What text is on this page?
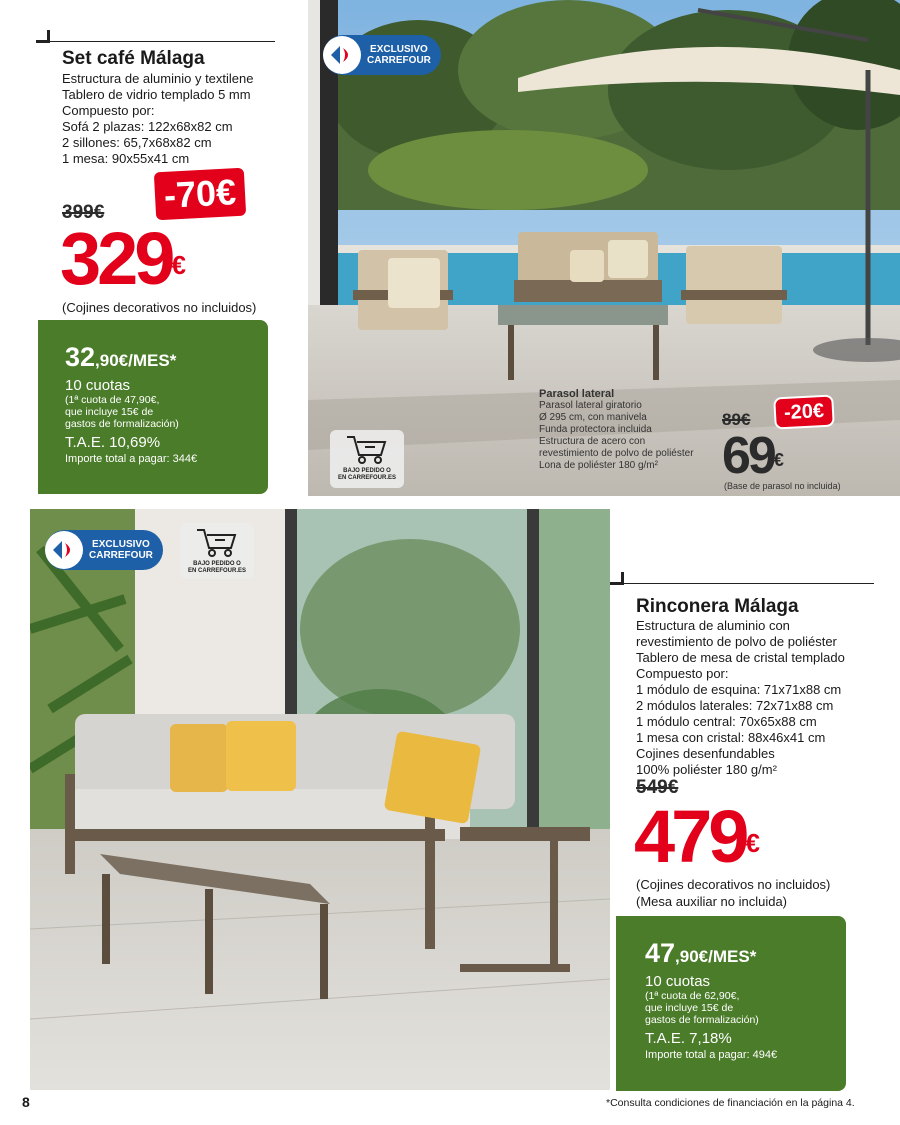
EXCLUSIVO
CARREFOUR
BAJO PEDIDO O
EN CARREFOUR.ES
Set café Málaga
Estructura de aluminio y textilene
Tablero de vidrio templado 5 mm
Compuesto por:
Sofá 2 plazas: 122x68x82 cm
2 sillones: 65,7x68x82 cm
1 mesa: 90x55x41 cm
399€ -70€
329€
(Cojines decorativos no incluidos)
32,90€/MES*
10 cuotas
(1ª cuota de 47,90€,
que incluye 15€ de
gastos de formalización)
T.A.E. 10,69%
Importe total a pagar: 344€
Parasol lateral
Parasol lateral giratorio
Ø 295 cm, con manivela
Funda protectora incluida
Estructura de acero con
revestimiento de polvo de poliéster
Lona de poliéster 180 g/m²
89€	-20€
69€
(Base de parasol no incluida)
EXCLUSIVO
CARREFOUR
BAJO PEDIDO O
EN CARREFOUR.ES
Rinconera Málaga
Estructura de aluminio con
revestimiento de polvo de poliéster
Tablero de mesa de cristal templado
Compuesto por:
1 módulo de esquina: 71x71x88 cm
2 módulos laterales: 72x71x88 cm
1 módulo central: 70x65x88 cm
1 mesa con cristal: 88x46x41 cm
Cojines desenfundables
100% poliéster 180 g/m²
549€
479€
(Cojines decorativos no incluidos)
(Mesa auxiliar no incluida)
47,90€/MES*
10 cuotas
(1ª cuota de 62,90€,
que incluye 15€ de
gastos de formalización)
T.A.E. 7,18%
Importe total a pagar: 494€
8	*Consulta condiciones de financiación en la página 4.
